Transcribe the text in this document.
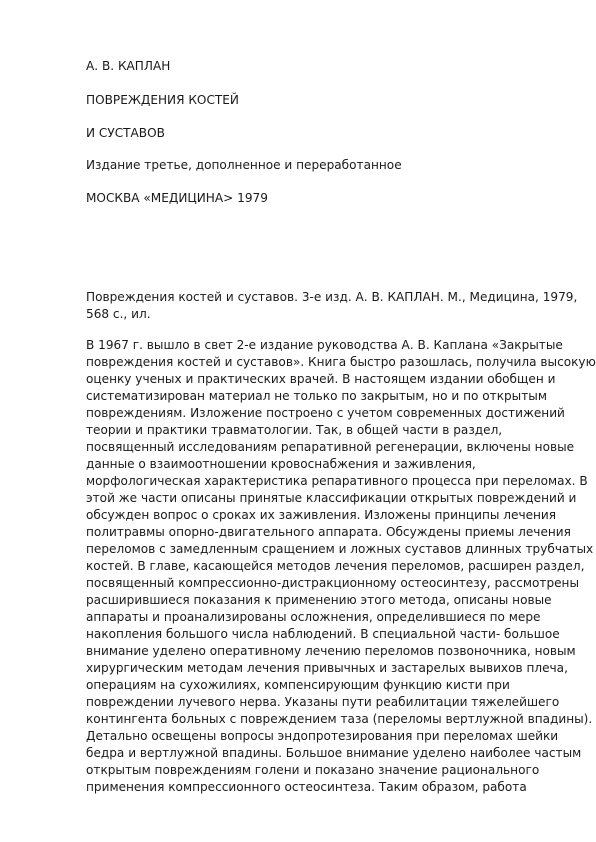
А. В. КАПЛАН
ПОВРЕЖДЕНИЯ КОСТЕЙ
И СУСТАВОВ
Издание третье, дополненное и переработанное
МОСКВА «МЕДИЦИНА> 1979
Повреждения костей и суставов. 3-е изд. А. В. КАПЛАН. М., Медицина, 1979,
568 с., ил.
В 1967 г. вышло в свет 2-е издание руководства А. В. Каплана «Закрытые
повреждения костей и суставов». Книга быстро разошлась, получила высокую
оценку ученых и практических врачей. В настоящем издании обобщен и
систематизирован материал не только по закрытым, но и по открытым
повреждениям. Изложение построено с учетом современных достижений
теории и практики травматологии. Так, в общей части в раздел,
посвященный исследованиям репаративной регенерации, включены новые
данные о взаимоотношении кровоснабжения и заживления,
морфологическая характеристика репаративного процесса при переломах. В
этой же части описаны принятые классификации открытых повреждений и
обсужден вопрос о сроках их заживления. Изложены принципы лечения
политравмы опорно-двигательного аппарата. Обсуждены приемы лечения
переломов с замедленным сращением и ложных суставов длинных трубчатых
костей. В главе, касающейся методов лечения переломов, расширен раздел,
посвященный компрессионно-дистракционному остеосинтезу, рассмотрены
расширившиеся показания к применению этого метода, описаны новые
аппараты и проанализированы осложнения, определившиеся по мере
накопления большого числа наблюдений. В специальной части- большое
внимание уделено оперативному лечению переломов позвоночника, новым
хирургическим методам лечения привычных и застарелых вывихов плеча,
операциям на сухожилиях, компенсирующим функцию кисти при
повреждении лучевого нерва. Указаны пути реабилитации тяжелейшего
контингента больных с повреждением таза (переломы вертлужной впадины).
Детально освещены вопросы эндопротезирования при переломах шейки
бедра и вертлужной впадины. Большое внимание уделено наиболее частым
открытым повреждениям голени и показано значение рационального
применения компрессионного остеосинтеза. Таким образом, работа
